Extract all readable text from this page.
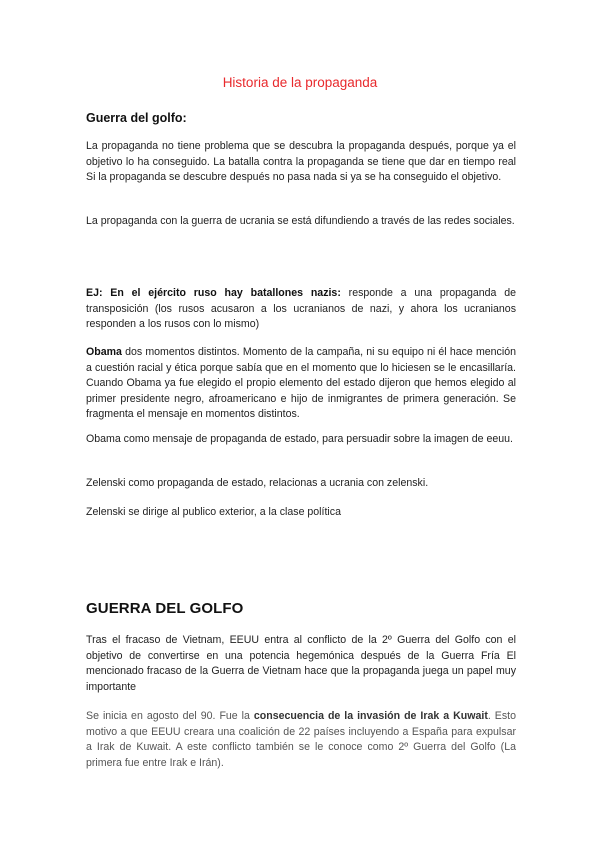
Historia de la propaganda
Guerra del golfo:

La propaganda no tiene problema que se descubra la propaganda después, porque ya el objetivo lo ha conseguido. La batalla contra la propaganda se tiene que dar en tiempo real Si la propaganda se descubre después no pasa nada si ya se ha conseguido el objetivo.

La propaganda con la guerra de ucrania se está difundiendo a través de las redes sociales.

EJ: En el ejército ruso hay batallones nazis: responde a una propaganda de transposición (los rusos acusaron a los ucranianos de nazi, y ahora los ucranianos responden a los rusos con lo mismo)

Obama dos momentos distintos. Momento de la campaña, ni su equipo ni él hace mención a cuestión racial y ética porque sabía que en el momento que lo hiciesen se le encasillaría. Cuando Obama ya fue elegido el propio elemento del estado dijeron que hemos elegido al primer presidente negro, afroamericano e hijo de inmigrantes de primera generación. Se fragmenta el mensaje en momentos distintos.

Obama como mensaje de propaganda de estado, para persuadir sobre la imagen de eeuu.

Zelenski como propaganda de estado, relacionas a ucrania con zelenski.

Zelenski se dirige al publico exterior, a la clase política

GUERRA DEL GOLFO

Tras el fracaso de Vietnam, EEUU entra al conflicto de la 2º Guerra del Golfo con el objetivo de convertirse en una potencia hegemónica después de la Guerra Fría El mencionado fracaso de la Guerra de Vietnam hace que la propaganda juega un papel muy importante

Se inicia en agosto del 90. Fue la consecuencia de la invasión de Irak a Kuwait. Esto motivo a que EEUU creara una coalición de 22 países incluyendo a España para expulsar a Irak de Kuwait. A este conflicto también se le conoce como 2º Guerra del Golfo (La primera fue entre Irak e Irán).
